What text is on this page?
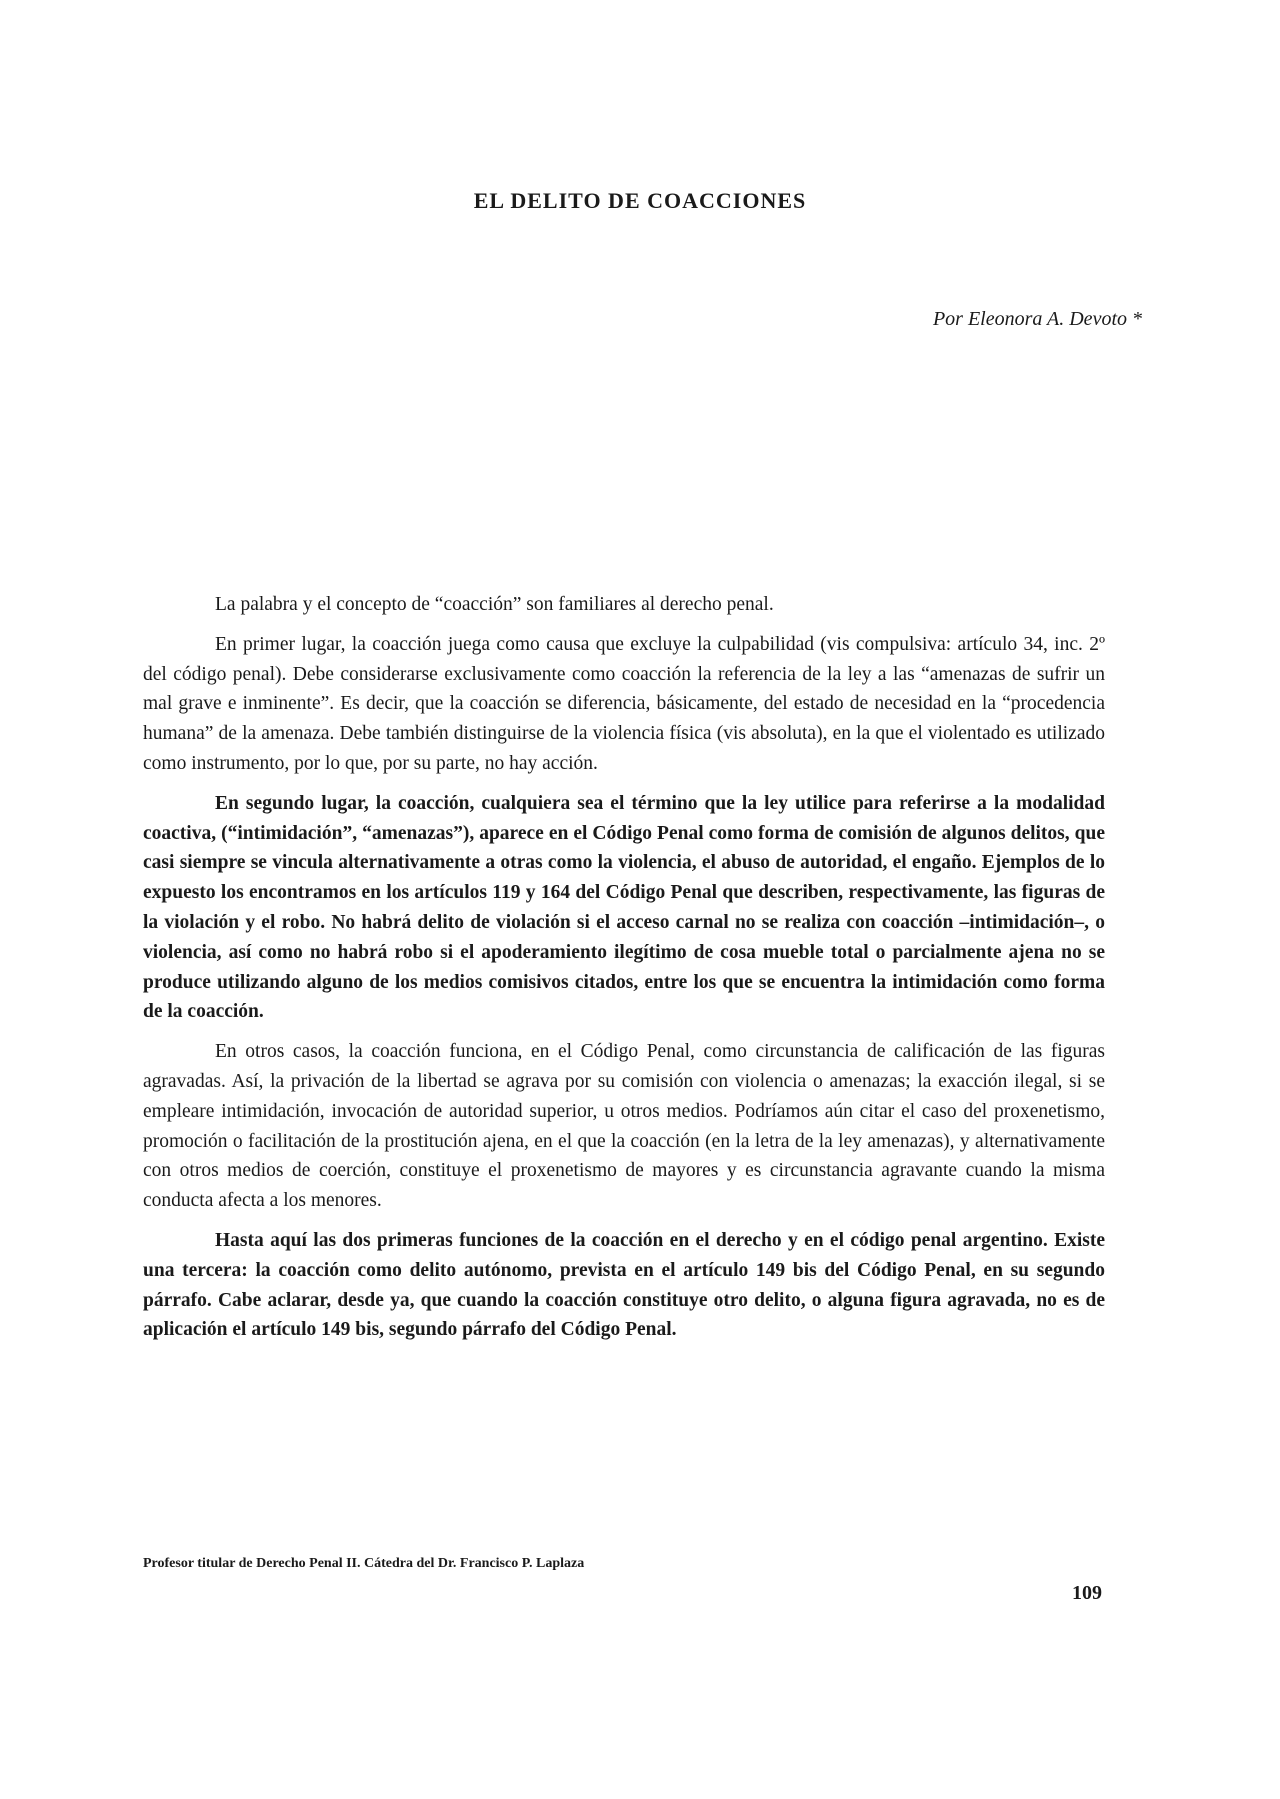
EL DELITO DE COACCIONES
Por Eleonora A. Devoto *

La palabra y el concepto de “coacción” son familiares al derecho penal.

En primer lugar, la coacción juega como causa que excluye la culpabilidad (vis compulsiva: artículo 34, inc. 2º del código penal). Debe considerarse exclusivamente como coacción la referencia de la ley a las “amenazas de sufrir un mal grave e inminente”. Es decir, que la coacción se diferencia, básicamente, del estado de necesidad en la “procedencia humana” de la amenaza. Debe también distinguirse de la violencia física (vis absoluta), en la que el violentado es utilizado como instrumento, por lo que, por su parte, no hay acción.

En segundo lugar, la coacción, cualquiera sea el término que la ley utilice para referirse a la modalidad coactiva, (“intimidación”, “amenazas”), aparece en el Código Penal como forma de comisión de algunos delitos, que casi siempre se vincula alternativamente a otras como la violencia, el abuso de autoridad, el engaño. Ejemplos de lo expuesto los encontramos en los artículos 119 y 164 del Código Penal que describen, respectivamente, las figuras de la violación y el robo. No habrá delito de violación si el acceso carnal no se realiza con coacción –intimidación–, o violencia, así como no habrá robo si el apoderamiento ilegítimo de cosa mueble total o parcialmente ajena no se produce utilizando alguno de los medios comisivos citados, entre los que se encuentra la intimidación como forma de la coacción.

En otros casos, la coacción funciona, en el Código Penal, como circunstancia de calificación de las figuras agravadas. Así, la privación de la libertad se agrava por su comisión con violencia o amenazas; la exacción ilegal, si se empleare intimidación, invocación de autoridad superior, u otros medios. Podríamos aún citar el caso del proxenetismo, promoción o facilitación de la prostitución ajena, en el que la coacción (en la letra de la ley amenazas), y alternativamente con otros medios de coerción, constituye el proxenetismo de mayores y es circunstancia agravante cuando la misma conducta afecta a los menores.

Hasta aquí las dos primeras funciones de la coacción en el derecho y en el código penal argentino. Existe una tercera: la coacción como delito autónomo, prevista en el artículo 149 bis del Código Penal, en su segundo párrafo. Cabe aclarar, desde ya, que cuando la coacción constituye otro delito, o alguna figura agravada, no es de aplicación el artículo 149 bis, segundo párrafo del Código Penal.

Profesor titular de Derecho Penal II. Cátedra del Dr. Francisco P. Laplaza
109
